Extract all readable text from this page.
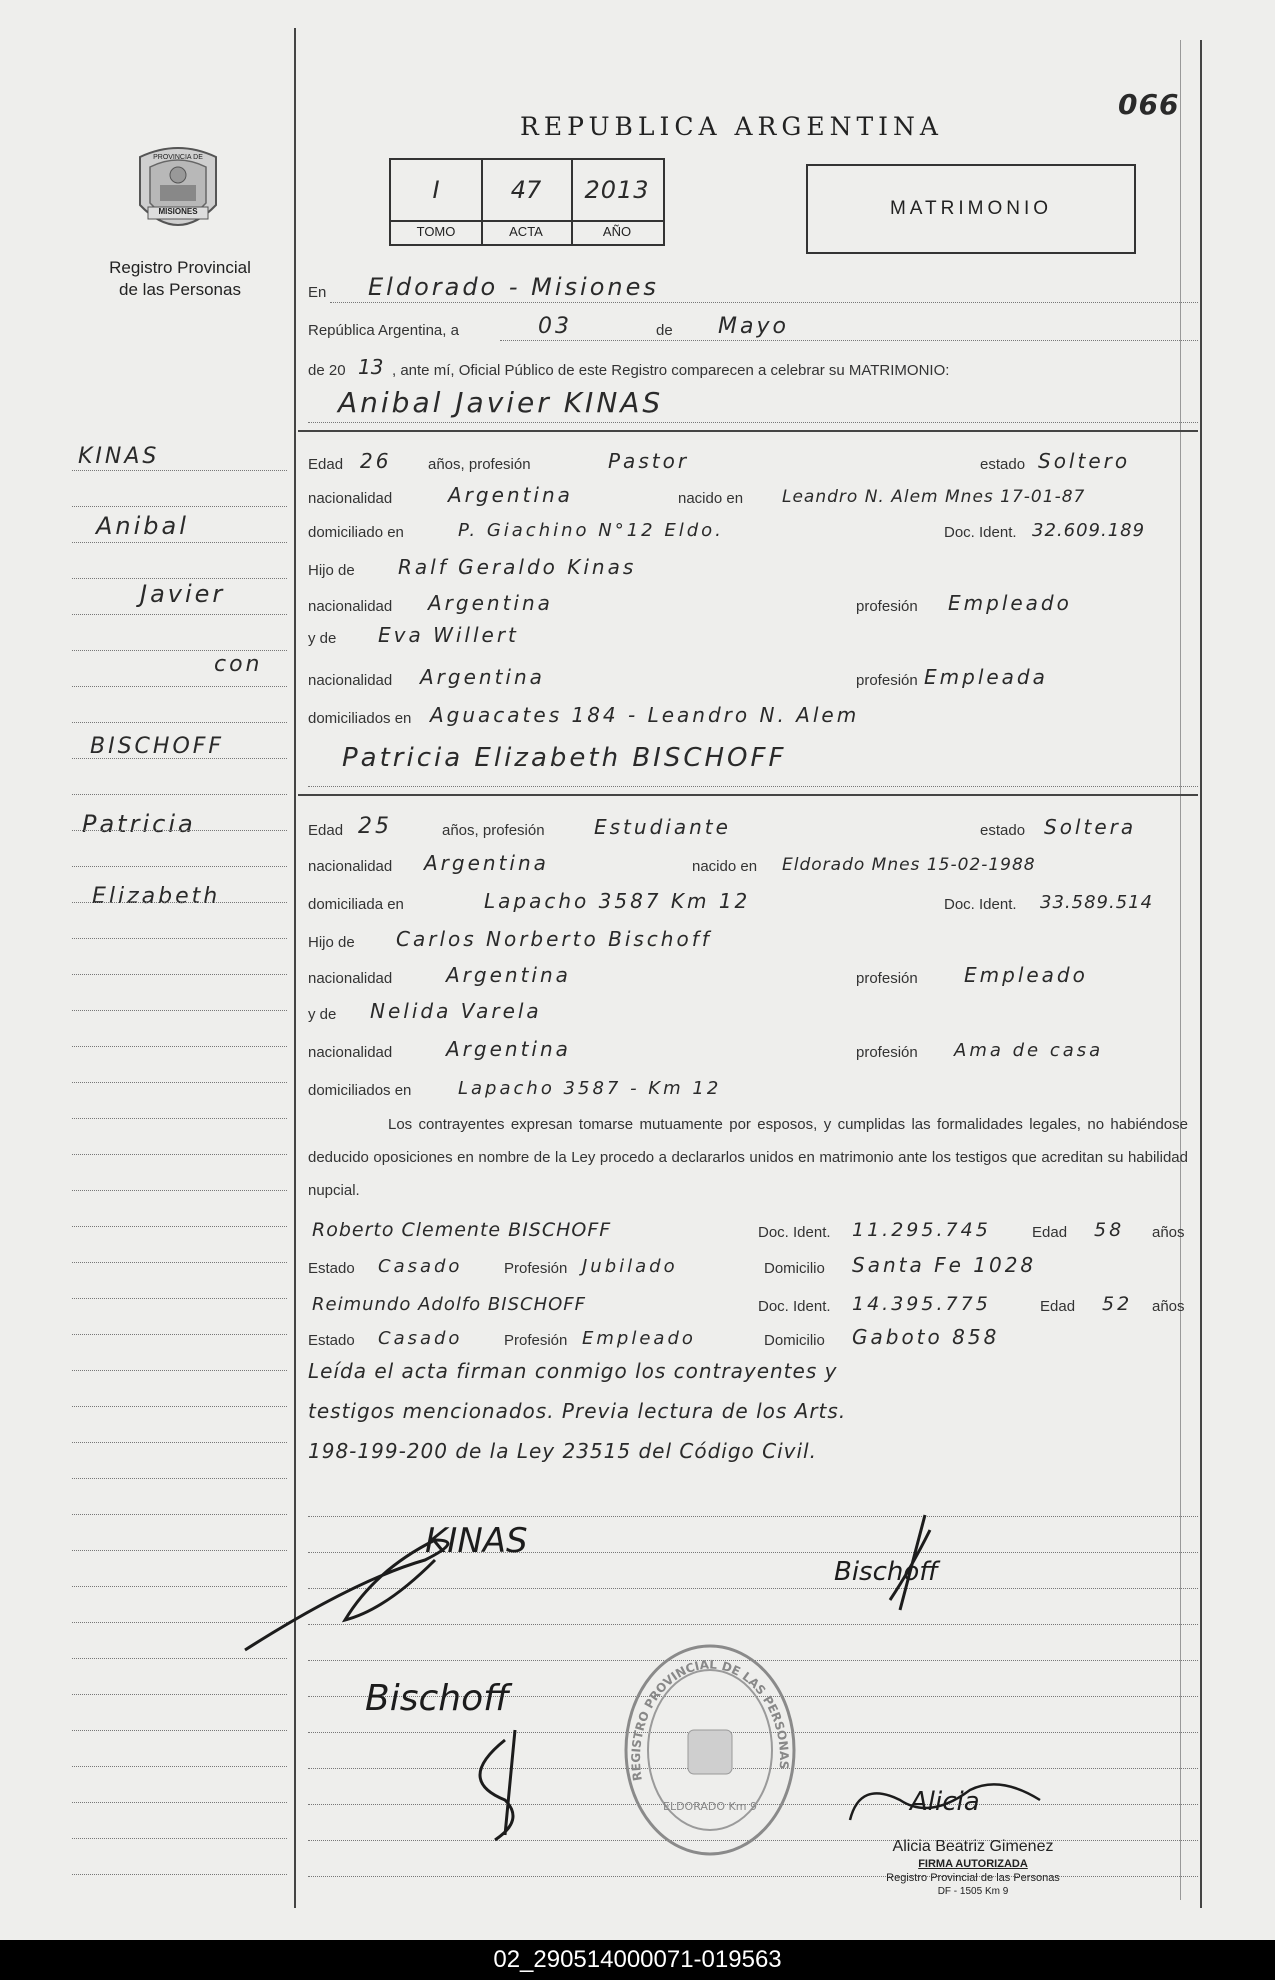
PROVINCIA DE
MISIONES
Registro Provincial
de las Personas
REPUBLICA ARGENTINA
066
I	47	2013
TOMO	ACTA	AÑO
MATRIMONIO
KINAS
Anibal
Javier
con
BISCHOFF
Patricia
Elizabeth
En Eldorado - Misiones
República Argentina, a	03	de Mayo
de 20 13 , ante mí, Oficial Público de este Registro comparecen a celebrar su MATRIMONIO:
Anibal Javier KINAS
Edad 26 años, profesión	Pastor	estado Soltero
nacionalidad	Argentina	nacido en Leandro N. Alem Mnes 17-01-87
domiciliado en	P. Giachino N°12 Eldo.	Doc. Ident. 32.609.189
Hijo de Ralf Geraldo Kinas
nacionalidad Argentina	profesión Empleado
y de Eva Willert
nacionalidad Argentina	profesión Empleada
domiciliados en Aguacates 184 - Leandro N. Alem
Patricia Elizabeth BISCHOFF
Edad 25	años, profesión Estudiante	estado Soltera
nacionalidad Argentina	nacido en Eldorado Mnes 15-02-1988
domiciliada en	Lapacho 3587 Km 12	Doc. Ident. 33.589.514
Hijo de Carlos Norberto Bischoff
nacionalidad	Argentina	profesión Empleado
y de Nelida Varela
nacionalidad	Argentina	profesión Ama de casa
domiciliados en	Lapacho 3587 - Km 12
Los contrayentes expresan tomarse mutuamente por esposos, y cumplidas las formalidades legales, no habiéndose deducido oposiciones en nombre de la Ley procedo a declararlos unidos en matrimonio ante los testigos que acreditan su habilidad nupcial.
Roberto Clemente BISCHOFF	Doc. Ident. 11.295.745	Edad 58 años
Estado Casado	Profesión Jubilado	Domicilio Santa Fe 1028
Reimundo Adolfo BISCHOFF	Doc. Ident. 14.395.775	Edad 52 años
Estado Casado	Profesión Empleado	Domicilio Gaboto 858
Leída el acta firman conmigo los contrayentes y
testigos mencionados. Previa lectura de los Arts.
198-199-200 de la Ley 23515 del Código Civil.
KINAS
Bischoff
Bischoff
REGISTRO PROVINCIAL DE LAS PERSONAS
ELDORADO Km 9	Alicia
Alicia Beatriz Gimenez
FIRMA AUTORIZADA
Registro Provincial de las Personas
DF - 1505 Km 9
02_290514000071-019563
